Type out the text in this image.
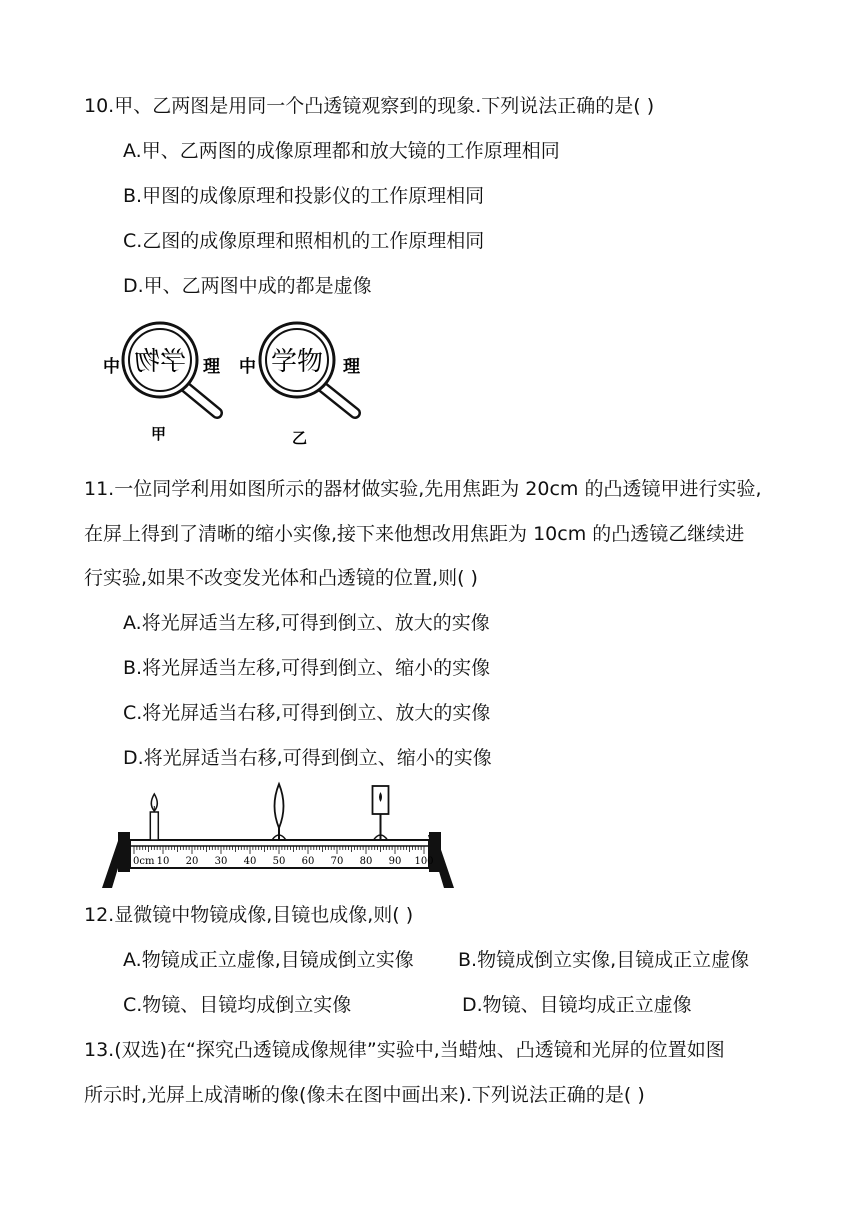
10.甲、乙两图是用同一个凸透镜观察到的现象.下列说法正确的是( )
A.甲、乙两图的成像原理都和放大镜的工作原理相同
B.甲图的成像原理和投影仪的工作原理相同
C.乙图的成像原理和照相机的工作原理相同
D.甲、乙两图中成的都是虚像
中	理
学物
甲
中	理
学物
乙
11.一位同学利用如图所示的器材做实验,先用焦距为 20cm 的凸透镜甲进行实验,
在屏上得到了清晰的缩小实像,接下来他想改用焦距为 10cm 的凸透镜乙继续进
行实验,如果不改变发光体和凸透镜的位置,则( )
A.将光屏适当左移,可得到倒立、放大的实像
B.将光屏适当左移,可得到倒立、缩小的实像
C.将光屏适当右移,可得到倒立、放大的实像
D.将光屏适当右移,可得到倒立、缩小的实像
0cm 10 20 30 40 50 60 70 80 90 100
12.显微镜中物镜成像,目镜也成像,则( )
A.物镜成正立虚像,目镜成倒立实像 B.物镜成倒立实像,目镜成正立虚像
C.物镜、目镜均成倒立实像	D.物镜、目镜均成正立虚像
13.(双选)在“探究凸透镜成像规律”实验中,当蜡烛、凸透镜和光屏的位置如图
所示时,光屏上成清晰的像(像未在图中画出来).下列说法正确的是( )
